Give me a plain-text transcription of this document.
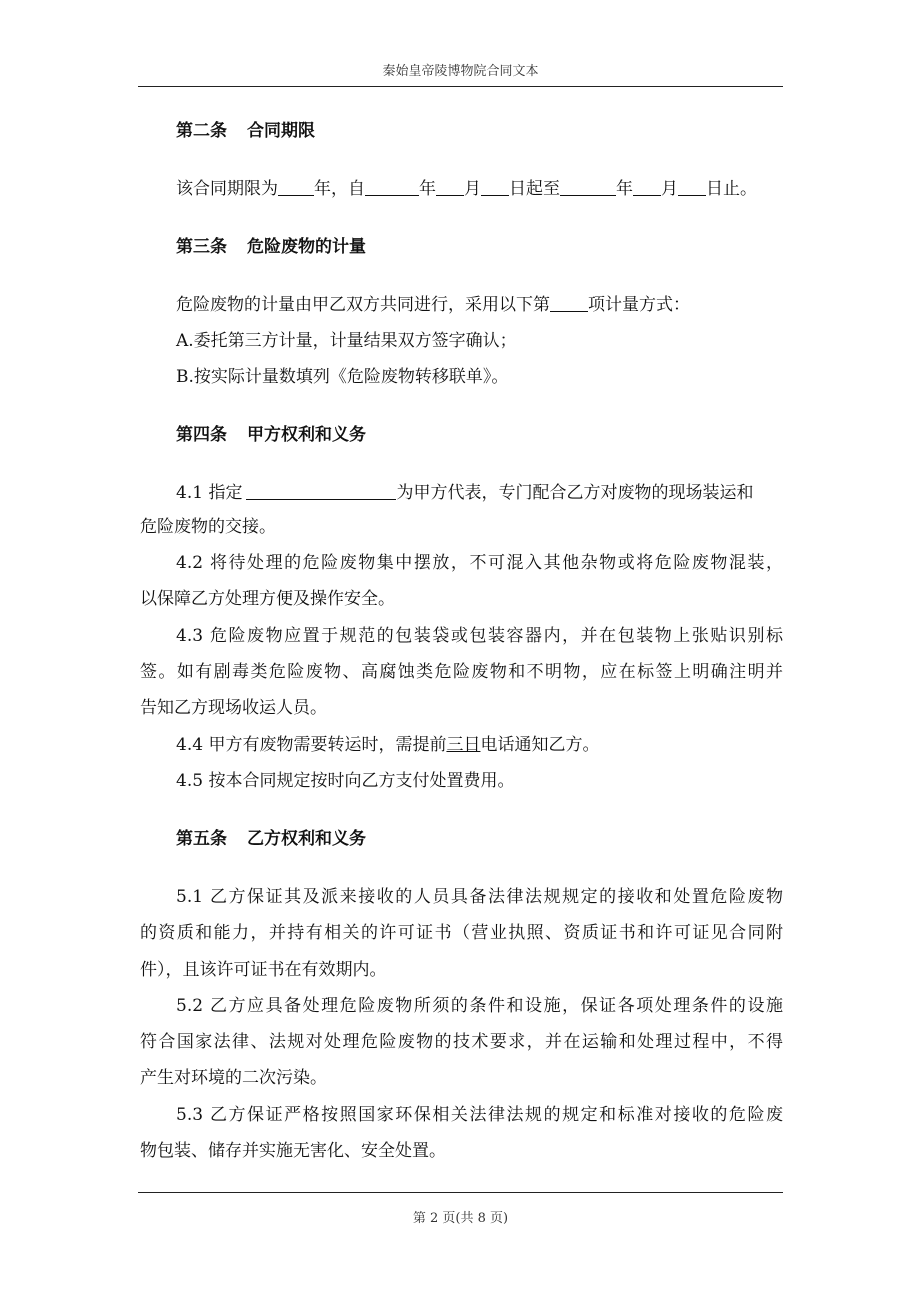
秦始皇帝陵博物院合同文本
第二条 合同期限
该合同期限为 年，自	年 月 日起至	年 月 日止。
第三条 危险废物的计量
危险废物的计量由甲乙双方共同进行，采用以下第 项计量方式：
A.委托第三方计量，计量结果双方签字确认；
B.按实际计量数填列《危险废物转移联单》。
第四条 甲方权利和义务
4.1 指定	为甲方代表，专门配合乙方对废物的现场装运和
危险废物的交接。
4.2 将待处理的危险废物集中摆放，不可混入其他杂物或将危险废物混装，
以保障乙方处理方便及操作安全。
4.3 危险废物应置于规范的包装袋或包装容器内，并在包装物上张贴识别标
签。如有剧毒类危险废物、高腐蚀类危险废物和不明物，应在标签上明确注明并
告知乙方现场收运人员。
4.4 甲方有废物需要转运时，需提前三日电话通知乙方。
4.5 按本合同规定按时向乙方支付处置费用。
第五条 乙方权利和义务
5.1 乙方保证其及派来接收的人员具备法律法规规定的接收和处置危险废物
的资质和能力，并持有相关的许可证书（营业执照、资质证书和许可证见合同附
件），且该许可证书在有效期内。
5.2 乙方应具备处理危险废物所须的条件和设施，保证各项处理条件的设施
符合国家法律、法规对处理危险废物的技术要求，并在运输和处理过程中，不得
产生对环境的二次污染。
5.3 乙方保证严格按照国家环保相关法律法规的规定和标准对接收的危险废
物包装、储存并实施无害化、安全处置。
第 2 页(共 8 页)
